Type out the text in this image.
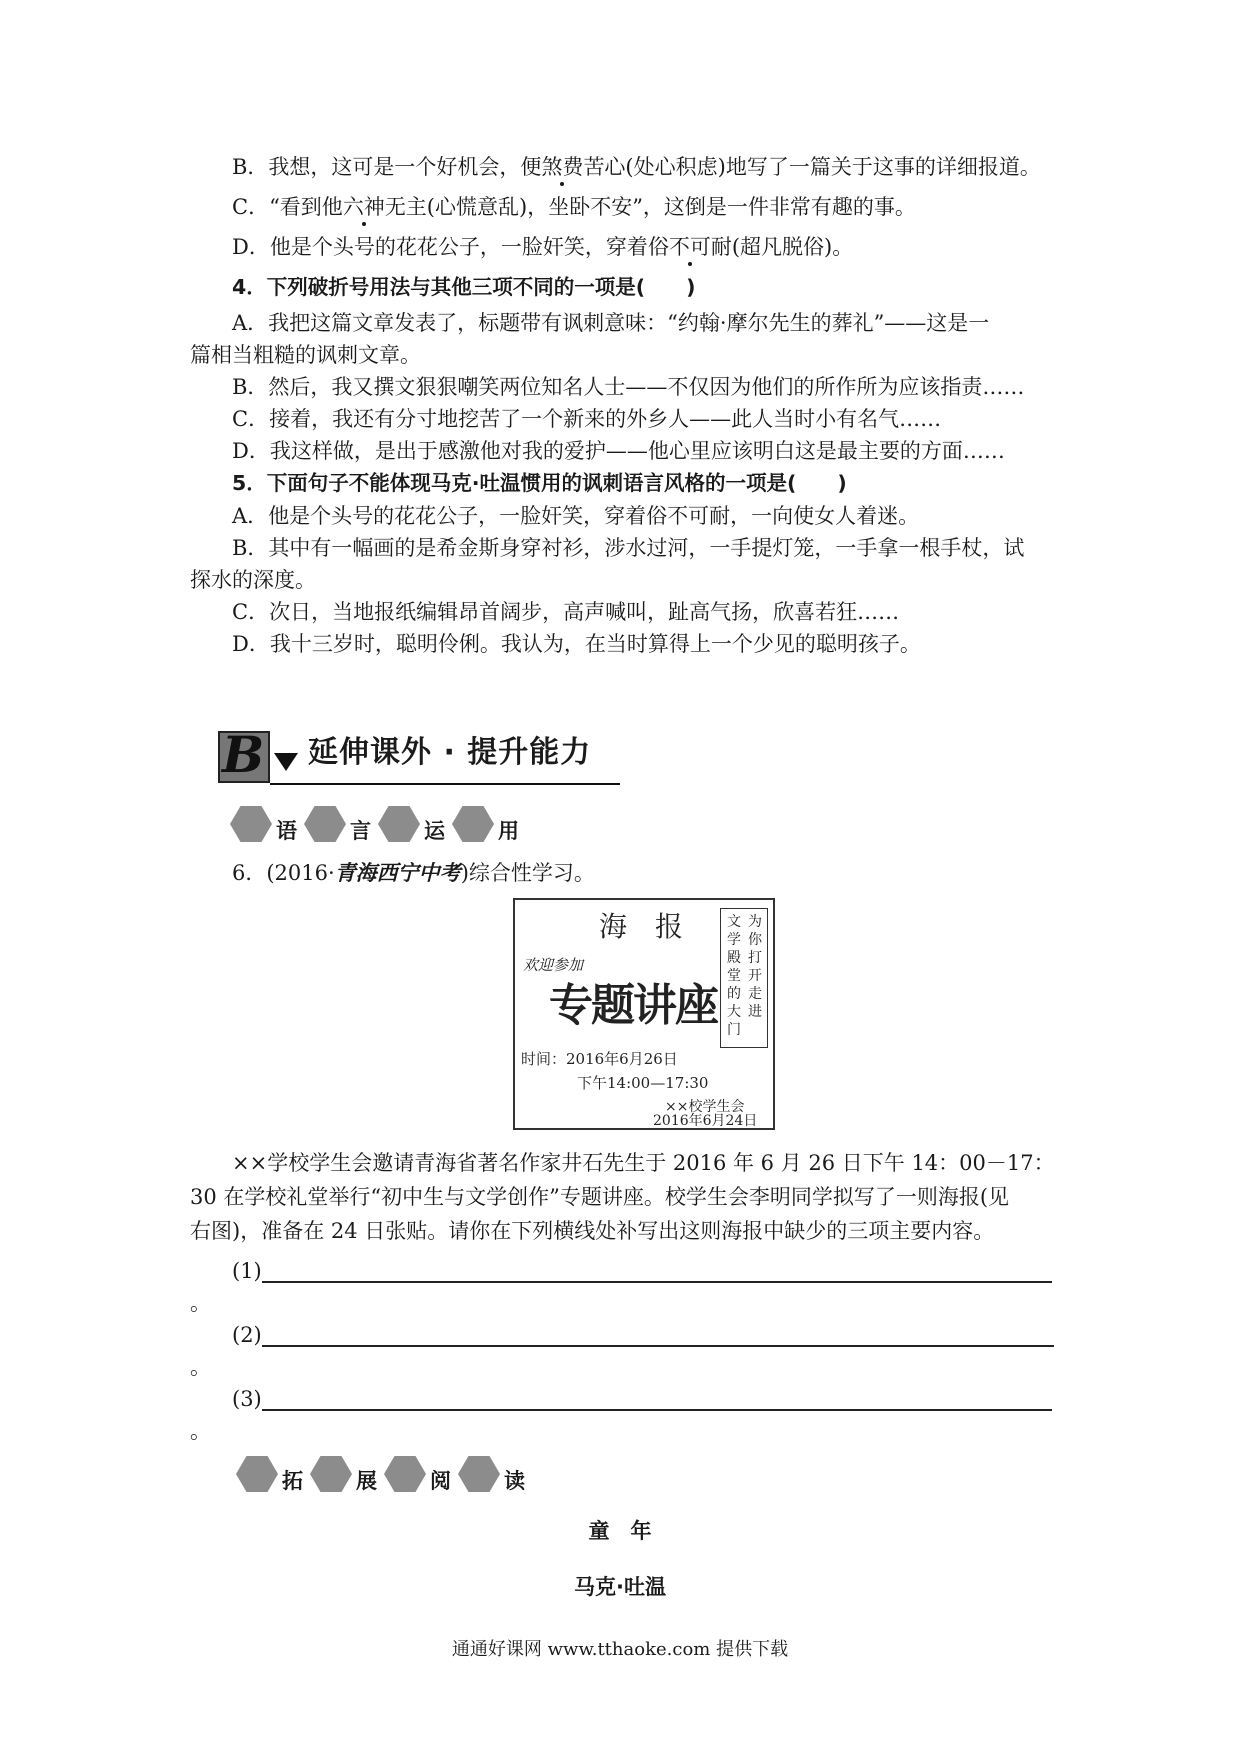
B．我想，这可是一个好机会，便煞费苦心(处心积虑)地写了一篇关于这事的详细报道。
C．“看到他六神无主(心慌意乱)，坐卧不安”，这倒是一件非常有趣的事。
D．他是个头号的花花公子，一脸奸笑，穿着俗不可耐(超凡脱俗)。
4．下列破折号用法与其他三项不同的一项是(　　)
A．我把这篇文章发表了，标题带有讽刺意味：“约翰·摩尔先生的葬礼”——这是一
篇相当粗糙的讽刺文章。
B．然后，我又撰文狠狠嘲笑两位知名人士——不仅因为他们的所作所为应该指责……
C．接着，我还有分寸地挖苦了一个新来的外乡人——此人当时小有名气……
D．我这样做，是出于感激他对我的爱护——他心里应该明白这是最主要的方面……
5．下面句子不能体现马克·吐温惯用的讽刺语言风格的一项是(　　)
A．他是个头号的花花公子，一脸奸笑，穿着俗不可耐，一向使女人着迷。
B．其中有一幅画的是希金斯身穿衬衫，涉水过河，一手提灯笼，一手拿一根手杖，试
探水的深度。
C．次日，当地报纸编辑昂首阔步，高声喊叫，趾高气扬，欣喜若狂……
D．我十三岁时，聪明伶俐。我认为，在当时算得上一个少见的聪明孩子。
B 延伸课外 · 提升能力
语	言	运	用
6．(2016·青海西宁中考)综合性学习。
海　报
欢迎参加
专题讲座
时间：2016年6月26日
下午14:00—17:30
××校学生会
2016年6月24日
为你打开走进
文学殿堂的大门
××学校学生会邀请青海省著名作家井石先生于 2016 年 6 月 26 日下午 14：00－17：
30 在学校礼堂举行“初中生与文学创作”专题讲座。校学生会李明同学拟写了一则海报(见
右图)，准备在 24 日张贴。请你在下列横线处补写出这则海报中缺少的三项主要内容。
(1)
。
(2)
。
(3)
。
拓	展	阅	读
童　年
马克·吐温
通通好课网 www.tthaoke.com 提供下载
